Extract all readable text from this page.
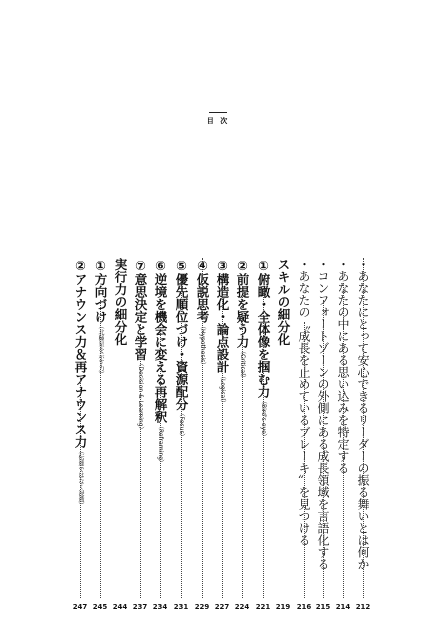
目 次
・あなたにとって安心できるリーダーの振る舞いとは何か
212
・あなたの中にある思い込みを特定する
214
・コンフォートゾーンの外側にある成長領域を言語化する
215
・あなたの〝成長を止めているブレーキ〟を見つける
216
スキルの細分化
219
①俯瞰・全体像を掴む力（Bird's-eye）
221
②前提を疑う力（Critical）
224
③構造化・論点設計（Logical）
227
④仮説思考（Hypothesis）
229
⑤優先順位づけ・資源配分（Focus）
231
⑥逆境を機会に変える再解釈（Reframing）
234
⑦意思決定と学習（Decision & Learning）
237
実行力の細分化
244
①方向づけ（北極星を示す力）
245
②アナウンス力＆再アナウンス力（伝達ではなく浸透）
247
